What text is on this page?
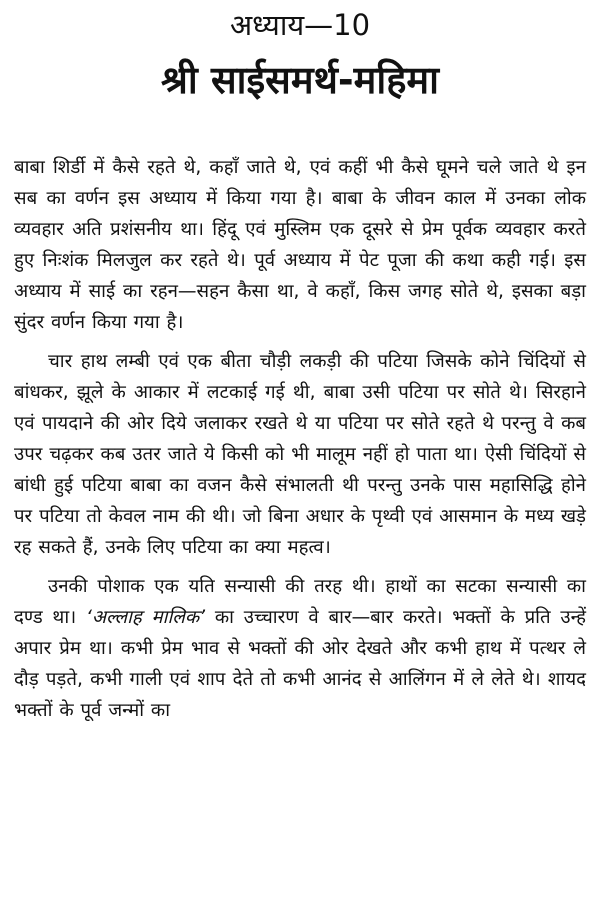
अध्याय—10
श्री साईसमर्थ-महिमा

बाबा शिर्डी में कैसे रहते थे, कहाँ जाते थे, एवं कहीं भी कैसे घूमने चले जाते थे इन सब का वर्णन इस अध्याय में किया गया है। बाबा के जीवन काल में उनका लोक व्यवहार अति प्रशंसनीय था। हिंदू एवं मुस्लिम एक दूसरे से प्रेम पूर्वक व्यवहार करते हुए निःशंक मिलजुल कर रहते थे। पूर्व अध्याय में पेट पूजा की कथा कही गई। इस अध्याय में साई का रहन—सहन कैसा था, वे कहाँ, किस जगह सोते थे, इसका बड़ा सुंदर वर्णन किया गया है।

चार हाथ लम्बी एवं एक बीता चौड़ी लकड़ी की पटिया जिसके कोने चिंदियों से बांधकर, झूले के आकार में लटकाई गई थी, बाबा उसी पटिया पर सोते थे। सिरहाने एवं पायदाने की ओर दिये जलाकर रखते थे या पटिया पर सोते रहते थे परन्तु वे कब उपर चढ़कर कब उतर जाते ये किसी को भी मालूम नहीं हो पाता था। ऐसी चिंदियों से बांधी हुई पटिया बाबा का वजन कैसे संभालती थी परन्तु उनके पास महासिद्धि होने पर पटिया तो केवल नाम की थी। जो बिना अधार के पृथ्वी एवं आसमान के मध्य खड़े रह सकते हैं, उनके लिए पटिया का क्या महत्व।

उनकी पोशाक एक यति सन्यासी की तरह थी। हाथों का सटका सन्यासी का दण्ड था। ‘अल्लाह मालिक’ का उच्चारण वे बार—बार करते। भक्तों के प्रति उन्हें अपार प्रेम था। कभी प्रेम भाव से भक्तों की ओर देखते और कभी हाथ में पत्थर ले दौड़ पड़ते, कभी गाली एवं शाप देते तो कभी आनंद से आलिंगन में ले लेते थे। शायद भक्तों के पूर्व जन्मों का
